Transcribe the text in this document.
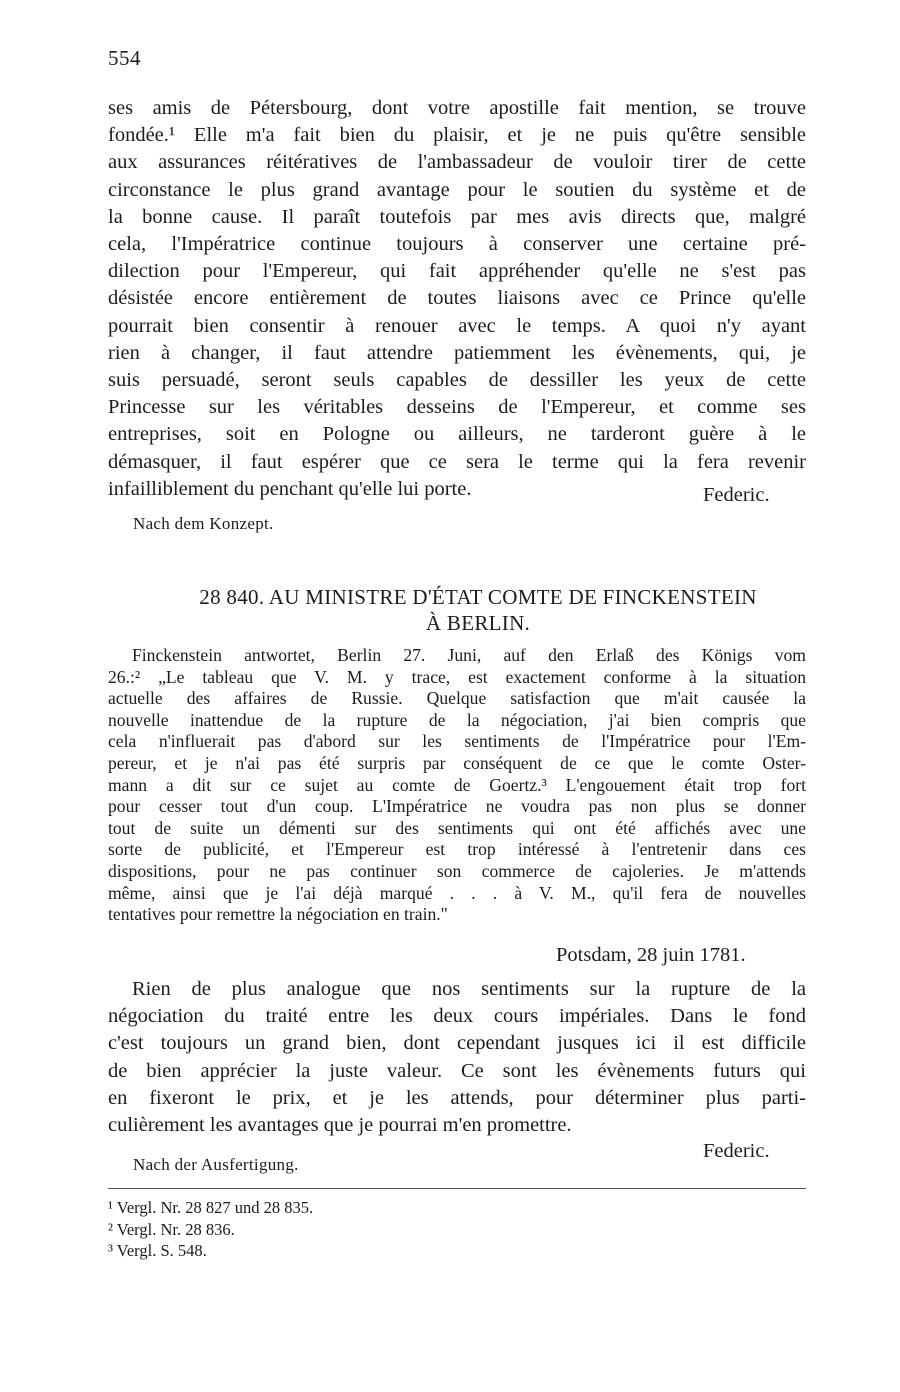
554
ses amis de Pétersbourg, dont votre apostille fait mention, se trouve
fondée.¹ Elle m'a fait bien du plaisir, et je ne puis qu'être sensible
aux assurances réitératives de l'ambassadeur de vouloir tirer de cette
circonstance le plus grand avantage pour le soutien du système et de
la bonne cause. Il paraît toutefois par mes avis directs que, malgré
cela, l'Impératrice continue toujours à conserver une certaine pré-
dilection pour l'Empereur, qui fait appréhender qu'elle ne s'est pas
désistée encore entièrement de toutes liaisons avec ce Prince qu'elle
pourrait bien consentir à renouer avec le temps. A quoi n'y ayant
rien à changer, il faut attendre patiemment les évènements, qui, je
suis persuadé, seront seuls capables de dessiller les yeux de cette
Princesse sur les véritables desseins de l'Empereur, et comme ses
entreprises, soit en Pologne ou ailleurs, ne tarderont guère à le
démasquer, il faut espérer que ce sera le terme qui la fera revenir
infailliblement du penchant qu'elle lui porte.	Federic.
Nach dem Konzept.
28 840. AU MINISTRE D'ÉTAT COMTE DE FINCKENSTEIN
À BERLIN.
Finckenstein antwortet, Berlin 27. Juni, auf den Erlaß des Königs vom
26.:² „Le tableau que V. M. y trace, est exactement conforme à la situation
actuelle des affaires de Russie. Quelque satisfaction que m'ait causée la
nouvelle inattendue de la rupture de la négociation, j'ai bien compris que
cela n'influerait pas d'abord sur les sentiments de l'Impératrice pour l'Em-
pereur, et je n'ai pas été surpris par conséquent de ce que le comte Oster-
mann a dit sur ce sujet au comte de Goertz.³ L'engouement était trop fort
pour cesser tout d'un coup. L'Impératrice ne voudra pas non plus se donner
tout de suite un démenti sur des sentiments qui ont été affichés avec une
sorte de publicité, et l'Empereur est trop intéressé à l'entretenir dans ces
dispositions, pour ne pas continuer son commerce de cajoleries. Je m'attends
même, ainsi que je l'ai déjà marqué . . . à V. M., qu'il fera de nouvelles
tentatives pour remettre la négociation en train."
Potsdam, 28 juin 1781.
Rien de plus analogue que nos sentiments sur la rupture de la
négociation du traité entre les deux cours impériales. Dans le fond
c'est toujours un grand bien, dont cependant jusques ici il est difficile
de bien apprécier la juste valeur. Ce sont les évènements futurs qui
en fixeront le prix, et je les attends, pour déterminer plus parti-
culièrement les avantages que je pourrai m'en promettre.
Federic.
Nach der Ausfertigung.
¹ Vergl. Nr. 28 827 und 28 835.
² Vergl. Nr. 28 836.
³ Vergl. S. 548.
